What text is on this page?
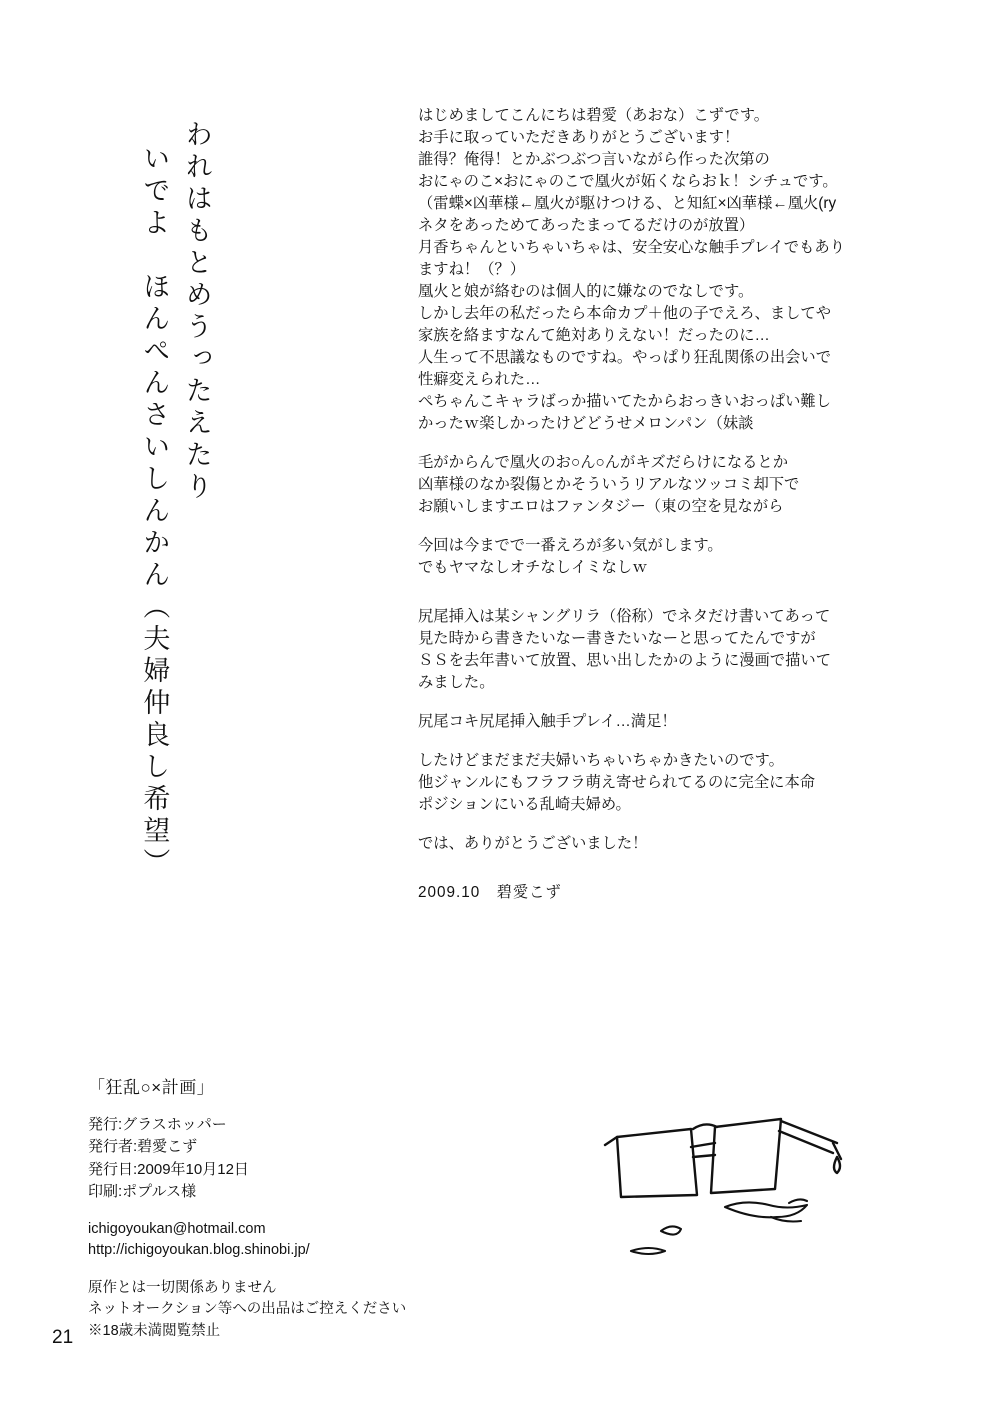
われはもとめうったえたり
いでよ　ほんぺんさいしんかん（夫婦仲良し希望）

はじめましてこんにちは碧愛（あおな）こずです。

お手に取っていただきありがとうございます！

誰得？俺得！とかぶつぶつ言いながら作った次第の

おにゃのこ×おにゃのこで凰火が妬くならおｋ！シチュです。

（雷蝶×凶華様←凰火が駆けつける、と知紅×凶華様←凰火(ry

ネタをあっためてあったまってるだけのが放置）

月香ちゃんといちゃいちゃは、安全安心な触手プレイでもあり

ますね！（？）

凰火と娘が絡むのは個人的に嫌なのでなしです。

しかし去年の私だったら本命カプ＋他の子でえろ、ましてや

家族を絡ますなんて絶対ありえない！だったのに…

人生って不思議なものですね。やっぱり狂乱関係の出会いで

性癖変えられた…

ぺちゃんこキャラばっか描いてたからおっきいおっぱい難し

かったｗ楽しかったけどどうせメロンパン（妹談

毛がからんで凰火のお○ん○んがキズだらけになるとか

凶華様のなか裂傷とかそういうリアルなツッコミ却下で

お願いしますエロはファンタジー（東の空を見ながら

今回は今までで一番えろが多い気がします。

でもヤマなしオチなしイミなしｗ

尻尾挿入は某シャングリラ（俗称）でネタだけ書いてあって

見た時から書きたいなー書きたいなーと思ってたんですが

ＳＳを去年書いて放置、思い出したかのように漫画で描いて

みました。

尻尾コキ尻尾挿入触手プレイ…満足！

したけどまだまだ夫婦いちゃいちゃかきたいのです。

他ジャンルにもフラフラ萌え寄せられてるのに完全に本命

ポジションにいる乱崎夫婦め。

では、ありがとうございました！

2009.10　碧愛こず

「狂乱○×計画」
発行:グラスホッパー
発行者:碧愛こず
発行日:2009年10月12日
印刷:ポプルス様
ichigoyoukan@hotmail.com
http://ichigoyoukan.blog.shinobi.jp/
原作とは一切関係ありません
ネットオークション等への出品はご控えください
※18歳未満閲覧禁止
21
